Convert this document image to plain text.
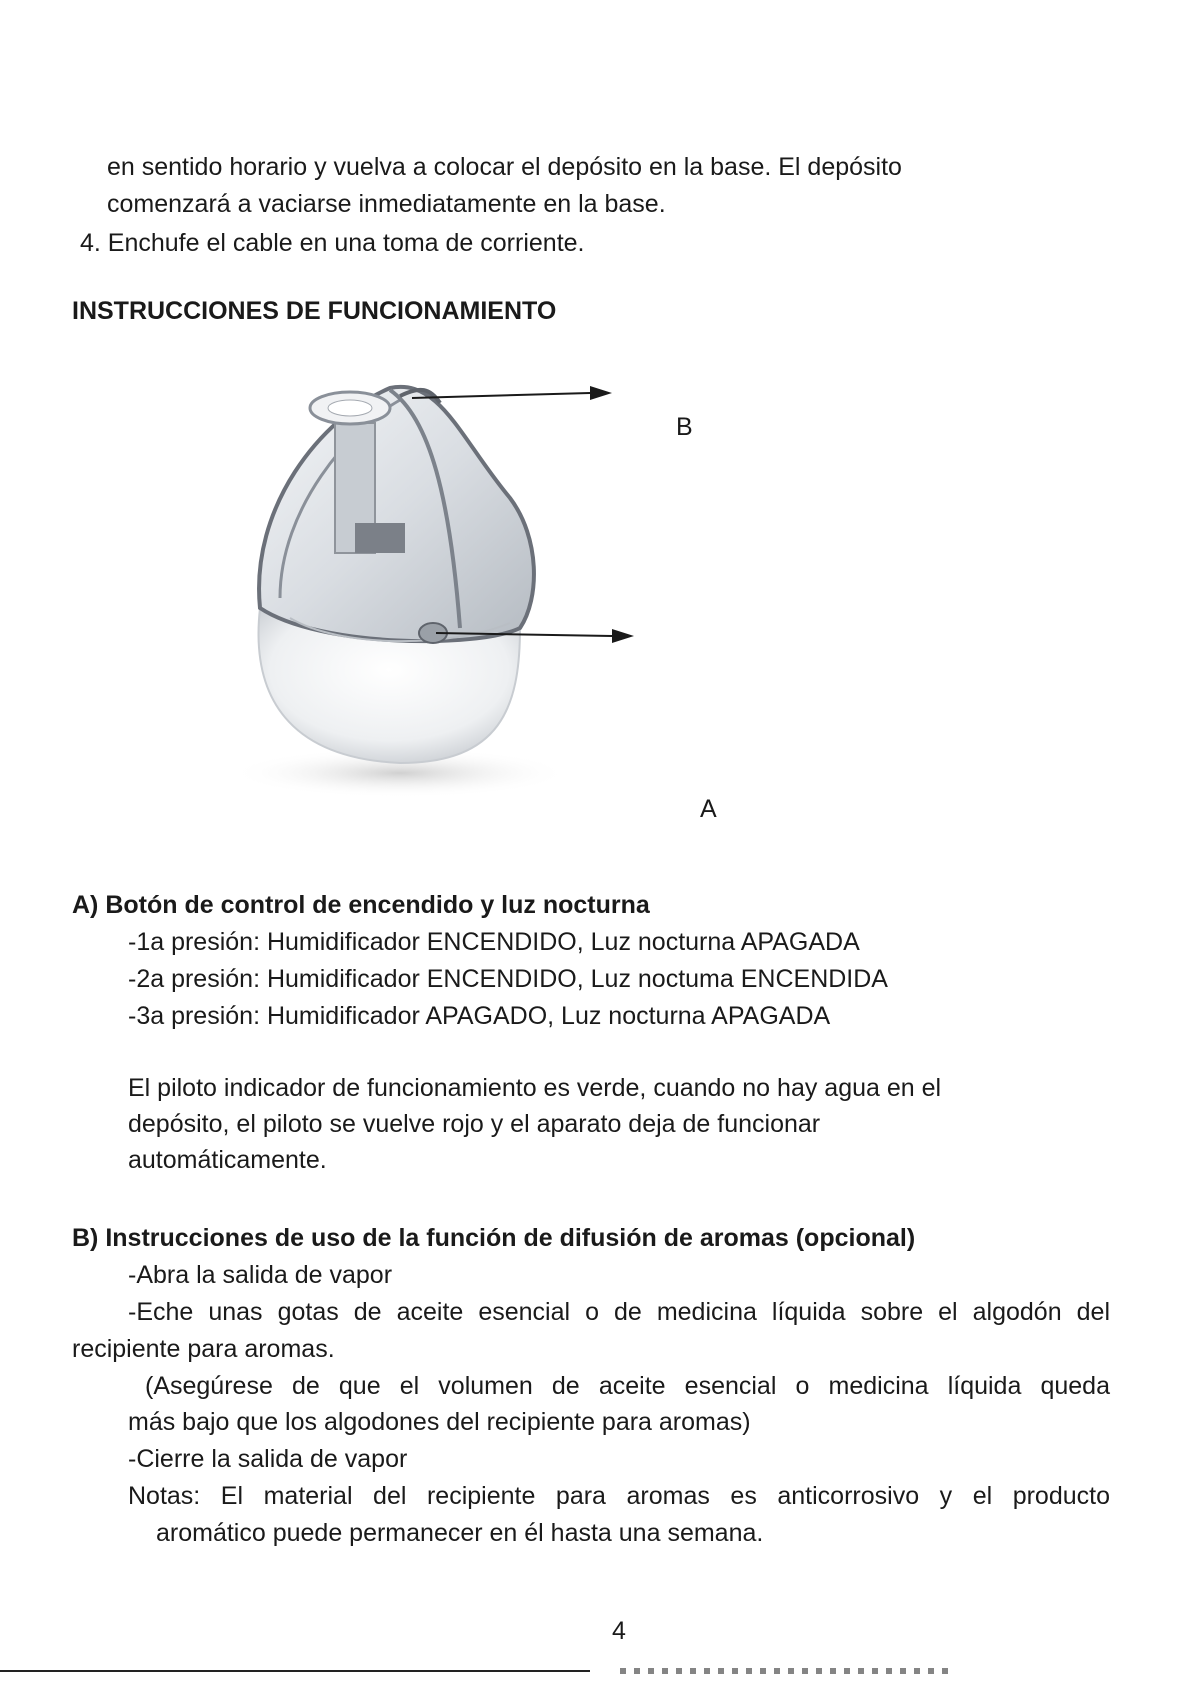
en sentido horario y vuelva a colocar el depósito en la base. El depósito
comenzará a vaciarse inmediatamente en la base.
4. Enchufe el cable en una toma de corriente.
INSTRUCCIONES DE FUNCIONAMIENTO
B
A
A) Botón de control de encendido y luz nocturna
-1a presión: Humidificador ENCENDIDO, Luz nocturna APAGADA
-2a presión: Humidificador ENCENDIDO, Luz noctuma ENCENDIDA
-3a presión: Humidificador APAGADO, Luz nocturna APAGADA
El piloto indicador de funcionamiento es verde, cuando no hay agua en el
depósito, el piloto se vuelve rojo y el aparato deja de funcionar
automáticamente.
B) Instrucciones de uso de la función de difusión de aromas (opcional)
-Abra la salida de vapor
-Eche unas gotas de aceite esencial o de medicina líquida sobre el algodón del
recipiente para aromas.
(Asegúrese de que el volumen de aceite esencial o medicina líquida queda
más bajo que los algodones del recipiente para aromas)
-Cierre la salida de vapor
Notas: El material del recipiente para aromas es anticorrosivo y el producto
aromático puede permanecer en él hasta una semana.
4
